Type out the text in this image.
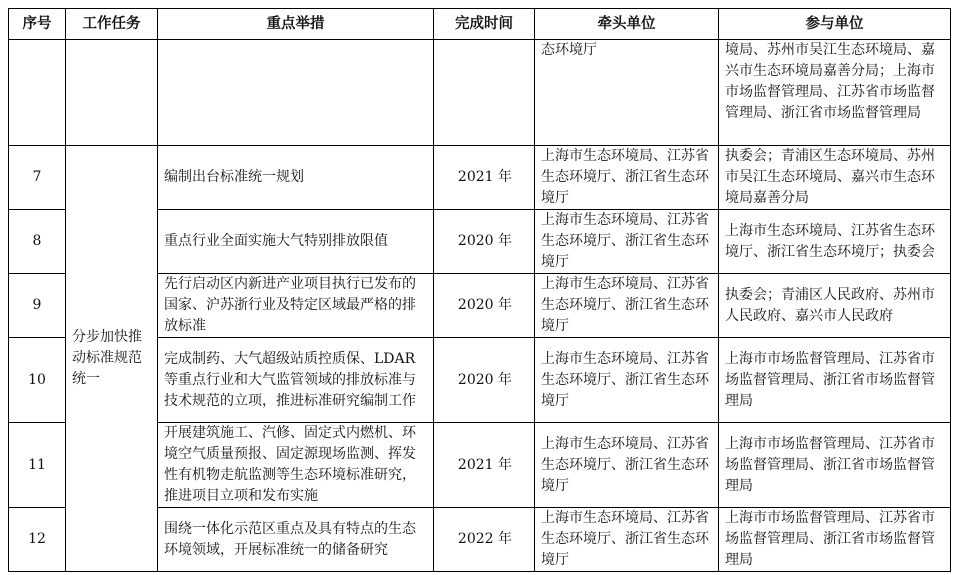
序号	工作任务	重点举措	完成时间	牵头单位	参与单位
				态环境厅	境局、苏州市吴江生态环境局、嘉兴市生态环境局嘉善分局；上海市市场监督管理局、江苏省市场监督管理局、浙江省市场监督管理局
7	分步加快推动标准规范统一	编制出台标准统一规划	2021 年	上海市生态环境局、江苏省生态环境厅、浙江省生态环境厅	执委会；青浦区生态环境局、苏州市吴江生态环境局、嘉兴市生态环境局嘉善分局
8		重点行业全面实施大气特别排放限值	2020 年	上海市生态环境局、江苏省生态环境厅、浙江省生态环境厅	上海市生态环境局、江苏省生态环境厅、浙江省生态环境厅；执委会
9		先行启动区内新进产业项目执行已发布的国家、沪苏浙行业及特定区域最严格的排放标准	2020 年	上海市生态环境局、江苏省生态环境厅、浙江省生态环境厅	执委会；青浦区人民政府、苏州市人民政府、嘉兴市人民政府
10		完成制药、大气超级站质控质保、LDAR等重点行业和大气监管领域的排放标准与技术规范的立项，推进标准研究编制工作	2020 年	上海市生态环境局、江苏省生态环境厅、浙江省生态环境厅	上海市市场监督管理局、江苏省市场监督管理局、浙江省市场监督管理局
11		开展建筑施工、汽修、固定式内燃机、环境空气质量预报、固定源现场监测、挥发性有机物走航监测等生态环境标准研究，推进项目立项和发布实施	2021 年	上海市生态环境局、江苏省生态环境厅、浙江省生态环境厅	上海市市场监督管理局、江苏省市场监督管理局、浙江省市场监督管理局
12		围绕一体化示范区重点及具有特点的生态环境领域，开展标准统一的储备研究	2022 年	上海市生态环境局、江苏省生态环境厅、浙江省生态环境厅	上海市市场监督管理局、江苏省市场监督管理局、浙江省市场监督管理局
